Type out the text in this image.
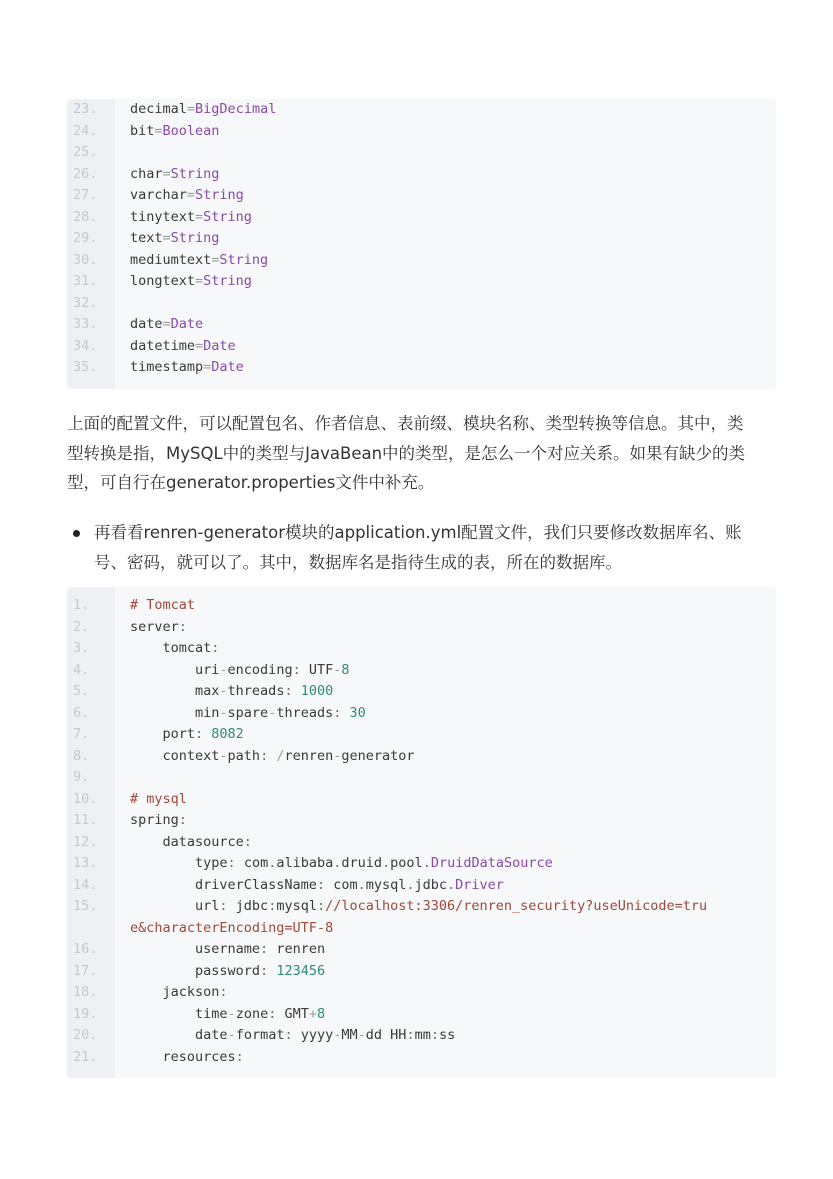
23.	decimal=BigDecimal
24.	bit=Boolean
25.
26.	char=String
27.	varchar=String
28.	tinytext=String
29.	text=String
30.	mediumtext=String
31.	longtext=String
32.
33.	date=Date
34.	datetime=Date
35.	timestamp=Date
上面的配置文件，可以配置包名、作者信息、表前缀、模块名称、类型转换等信息。其中，类
型转换是指，MySQL中的类型与JavaBean中的类型，是怎么一个对应关系。如果有缺少的类
型，可自行在generator.properties文件中补充。
再看看renren-generator模块的application.yml配置文件，我们只要修改数据库名、账
号、密码，就可以了。其中，数据库名是指待生成的表，所在的数据库。
1.	# Tomcat
2.	server:
3.	tomcat:
4.	uri-encoding: UTF-8
5.	max-threads: 1000
6.	min-spare-threads: 30
7.	port: 8082
8.	context-path: /renren-generator
9.
10.	# mysql
11.	spring:
12.	datasource:
13.	type: com.alibaba.druid.pool.DruidDataSource
14.	driverClassName: com.mysql.jdbc.Driver
15.	url: jdbc:mysql://localhost:3306/renren_security?useUnicode=tru
e&characterEncoding=UTF-8
16.	username: renren
17.	password: 123456
18.	jackson:
19.	time-zone: GMT+8
20.	date-format: yyyy-MM-dd HH:mm:ss
21.	resources:
